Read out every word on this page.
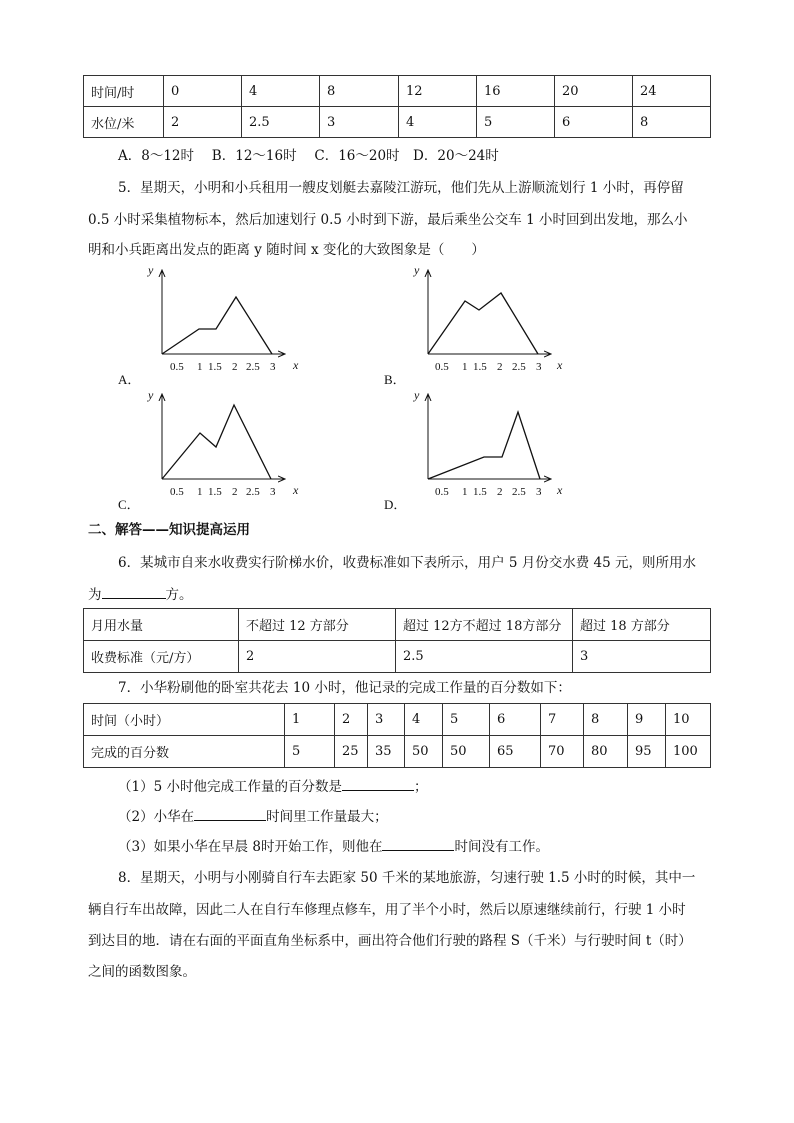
时间/时	0	4	8	12	16	20	24
水位/米	2	2.5	3	4	5	6	8
A．8～12时　 B．12～16时　 C．16～20时　D．20～24时
5．星期天，小明和小兵租用一艘皮划艇去嘉陵江游玩，他们先从上游顺流划行 1 小时，再停留
0.5 小时采集植物标本，然后加速划行 0.5 小时到下游，最后乘坐公交车 1 小时回到出发地，那么小
明和小兵距离出发点的距离 y 随时间 x 变化的大致图象是（　　）
y
x
0.5 1 1.5 2 2.5 3
A．
y
x
0.5 1 1.5 2 2.5 3
B．
y
x
0.5 1 1.5 2 2.5 3
C．
y
x
0.5 1 1.5 2 2.5 3
D．
二、解答——知识提高运用
6．某城市自来水收费实行阶梯水价，收费标准如下表所示，用户 5 月份交水费 45 元，则所用水
为	方。
月用水量	不超过 12 方部分	超过 12方不超过 18方部分	超过 18 方部分
收费标准（元/方）	2	2.5	3
7．小华粉刷他的卧室共花去 10 小时，他记录的完成工作量的百分数如下：
时间（小时）	1	2	3	4	5	6	7	8	9	10
完成的百分数	5	25	35	50	50	65	70	80	95	100
（1）5 小时他完成工作量的百分数是	；
（2）小华在	时间里工作量最大；
（3）如果小华在早晨 8时开始工作，则他在	时间没有工作。
8．星期天，小明与小刚骑自行车去距家 50 千米的某地旅游，匀速行驶 1.5 小时的时候，其中一
辆自行车出故障，因此二人在自行车修理点修车，用了半个小时，然后以原速继续前行，行驶 1 小时
到达目的地．请在右面的平面直角坐标系中，画出符合他们行驶的路程 S（千米）与行驶时间 t（时）
之间的函数图象。
